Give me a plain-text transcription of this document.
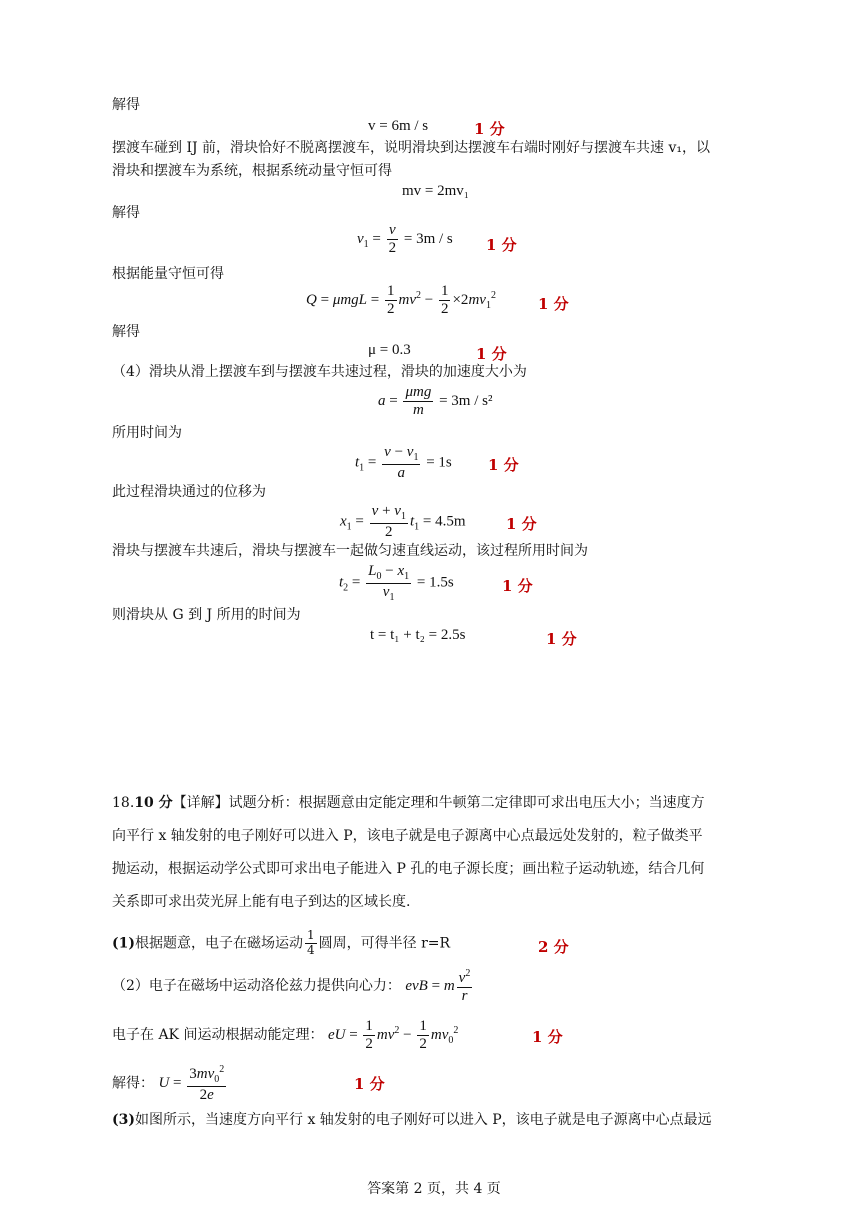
解得
v = 6m / s	1 分
摆渡车碰到 IJ 前，滑块恰好不脱离摆渡车，说明滑块到达摆渡车右端时刚好与摆渡车共速 v₁，以
滑块和摆渡车为系统，根据系统动量守恒可得
mv = 2mv₁
解得
$v_1 = \frac{v}{2} = 3m / s$ 1 分
根据能量守恒可得
$Q = \mu mgL = \frac{1}{2} mv^2 - \frac{1}{2} \times 2mv_1^2$	1 分
解得
μ = 0.3	1 分
（4）滑块从滑上摆渡车到与摆渡车共速过程，滑块的加速度大小为
$a = \frac{\text{μmg}}{m} = 3m / s^2$
所用时间为
$t_1 = \frac{v - v_1}{a} = 1s$ 1 分
此过程滑块通过的位移为
$x_1 = \frac{v + v_1}{2} t_1 = 4.5m$	1 分
滑块与摆渡车共速后，滑块与摆渡车一起做匀速直线运动，该过程所用时间为
$t_2 = \frac{L_0 - x_1}{v_1} = 1.5s$	1 分
则滑块从 G 到 J 所用的时间为
t = t₁ + t₂ = 2.5s	1 分
18.10 分【详解】试题分析：根据题意由定能定理和牛顿第二定律即可求出电压大小；当速度方
向平行 x 轴发射的电子刚好可以进入 P，该电子就是电子源离中心点最远处发射的，粒子做类平
抛运动，根据运动学公式即可求出电子能进入 P 孔的电子源长度；画出粒子运动轨迹，结合几何
关系即可求出荧光屏上能有电子到达的区域长度.
(1)根据题意，电子在磁场运动 $\frac{1}{4}$ 圆周，可得半径 r=R	2 分
（2）电子在磁场中运动洛伦兹力提供向心力： evB = m $\frac{v^2}{r}$
电子在 AK 间运动根据动能定理： eU = $\frac{1}{2} mv^2 - \frac{1}{2} mv_0^2$	1 分
解得： $U = \frac{3mv_0^2}{2e}$	1 分
(3)如图所示，当速度方向平行 x 轴发射的电子刚好可以进入 P，该电子就是电子源离中心点最远
答案第 2 页，共 4 页
